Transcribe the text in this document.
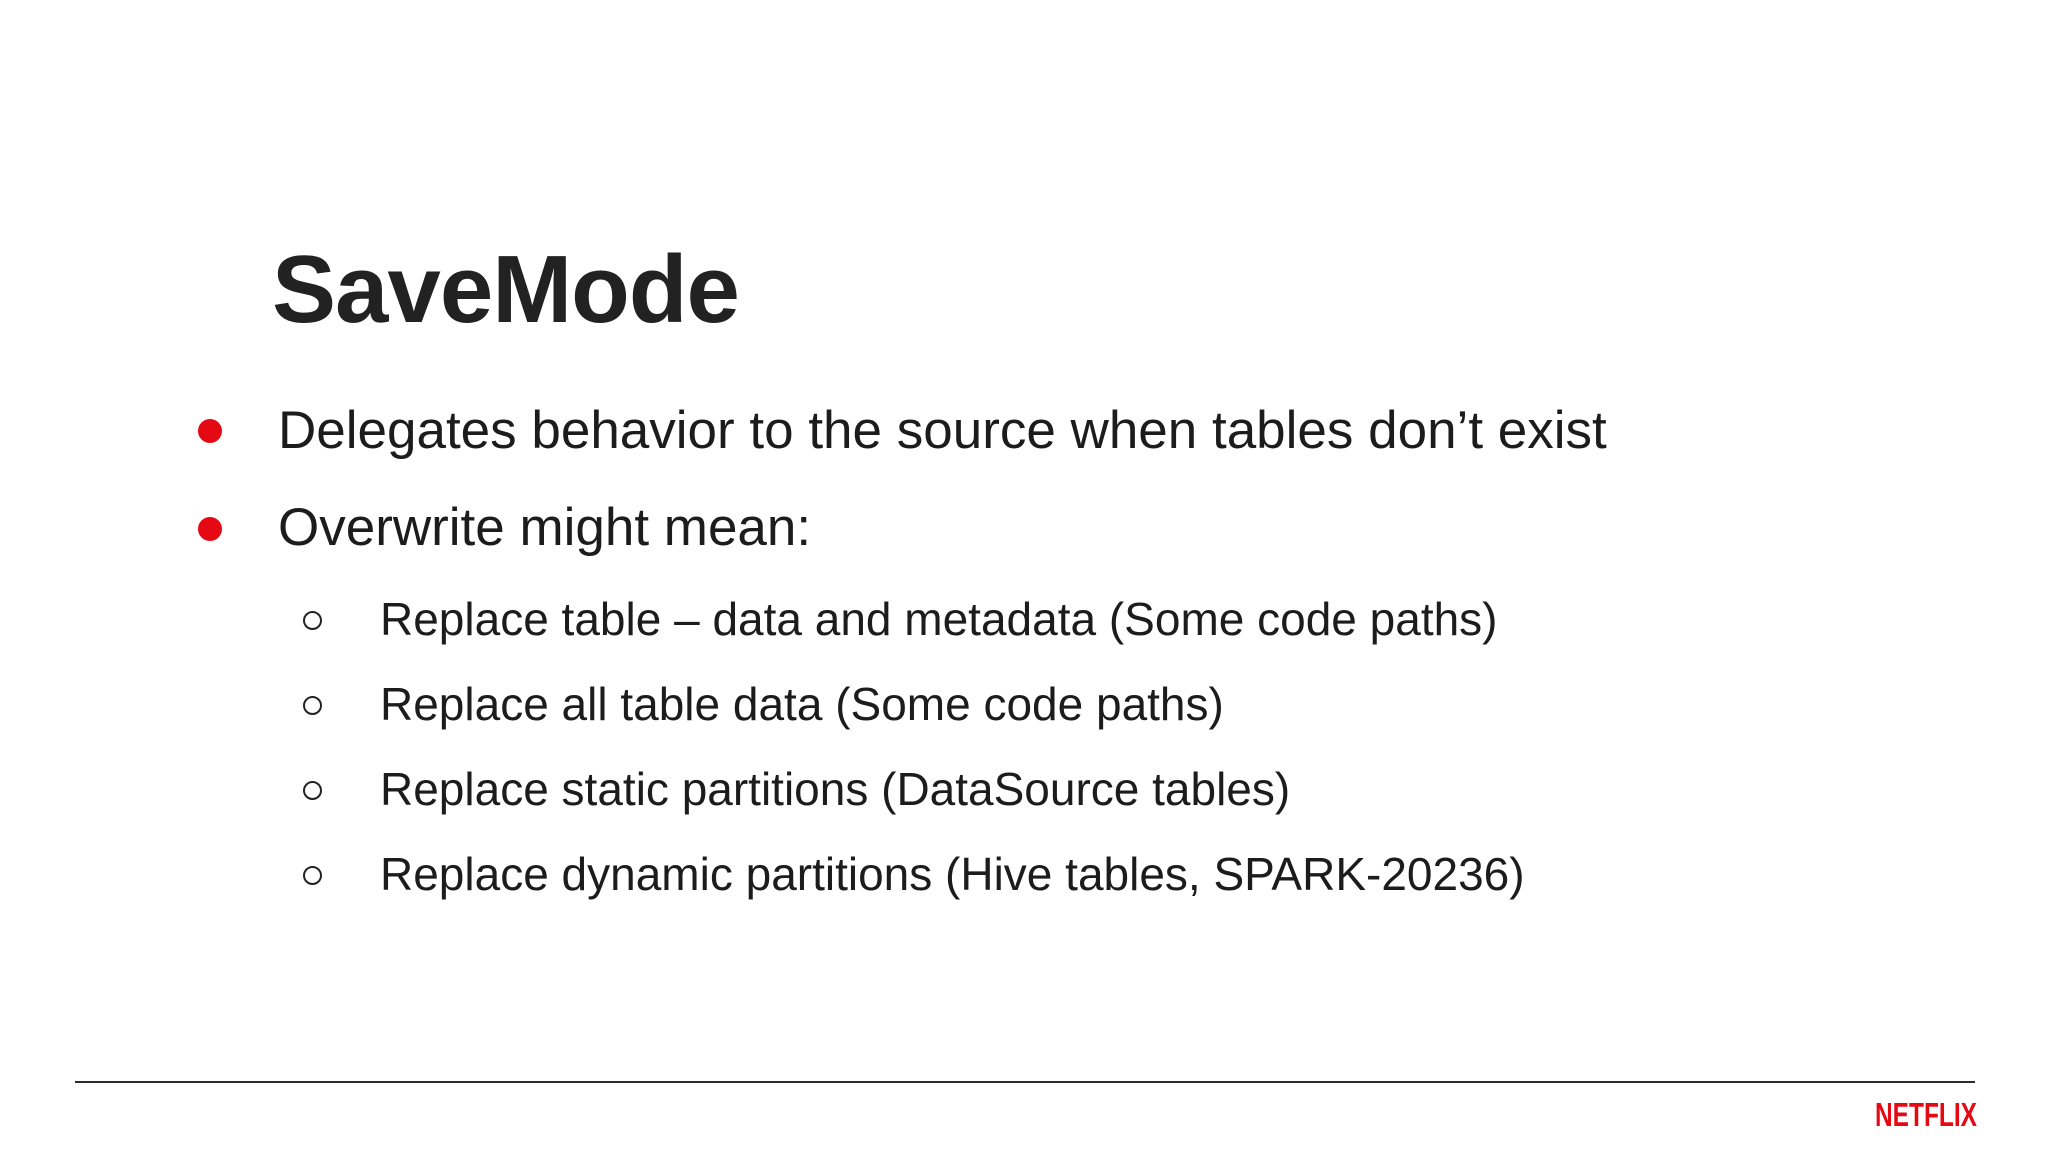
SaveMode
Delegates behavior to the source when tables don’t exist
Overwrite might mean:
Replace table – data and metadata (Some code paths)
Replace all table data (Some code paths)
Replace static partitions (DataSource tables)
Replace dynamic partitions (Hive tables, SPARK-20236)
NETFLIX
